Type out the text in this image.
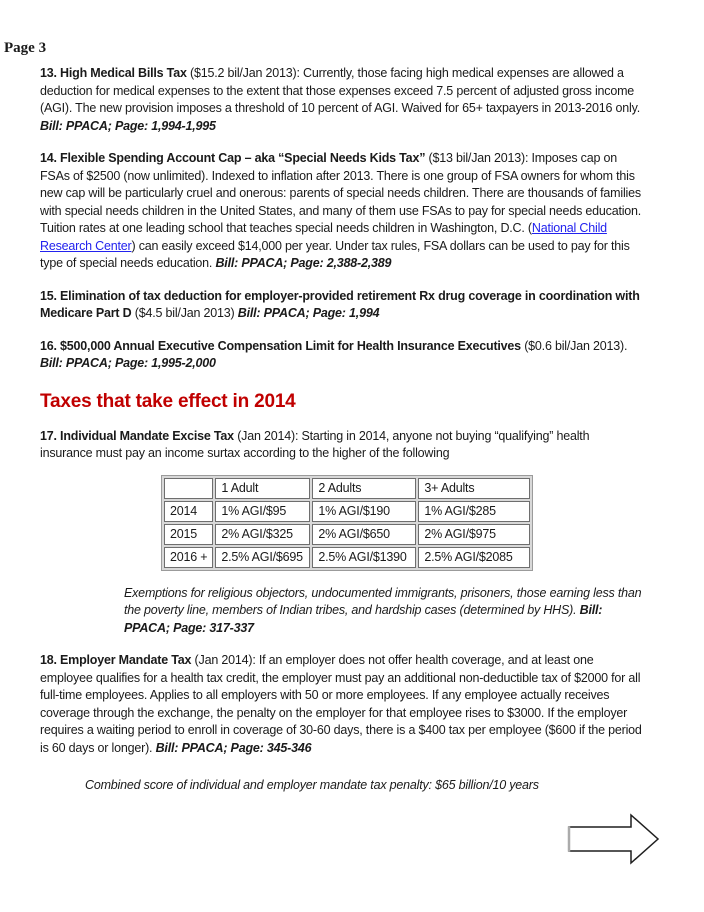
Page 3

13. High Medical Bills Tax ($15.2 bil/Jan 2013): Currently, those facing high medical expenses are allowed a deduction for medical expenses to the extent that those expenses exceed 7.5 percent of adjusted gross income (AGI). The new provision imposes a threshold of 10 percent of AGI. Waived for 65+ taxpayers in 2013-2016 only. Bill: PPACA; Page: 1,994-1,995

14. Flexible Spending Account Cap – aka “Special Needs Kids Tax” ($13 bil/Jan 2013): Imposes cap on FSAs of $2500 (now unlimited). Indexed to inflation after 2013. There is one group of FSA owners for whom this new cap will be particularly cruel and onerous: parents of special needs children. There are thousands of families with special needs children in the United States, and many of them use FSAs to pay for special needs education. Tuition rates at one leading school that teaches special needs children in Washington, D.C. (National Child Research Center) can easily exceed $14,000 per year. Under tax rules, FSA dollars can be used to pay for this type of special needs education. Bill: PPACA; Page: 2,388-2,389

15. Elimination of tax deduction for employer-provided retirement Rx drug coverage in coordination with Medicare Part D ($4.5 bil/Jan 2013) Bill: PPACA; Page: 1,994

16. $500,000 Annual Executive Compensation Limit for Health Insurance Executives ($0.6 bil/Jan 2013). Bill: PPACA; Page: 1,995-2,000

Taxes that take effect in 2014

17. Individual Mandate Excise Tax (Jan 2014): Starting in 2014, anyone not buying “qualifying” health insurance must pay an income surtax according to the higher of the following

	1 Adult	2 Adults	3+ Adults
2014	1% AGI/$95	1% AGI/$190	1% AGI/$285
2015	2% AGI/$325	2% AGI/$650	2% AGI/$975
2016 +	2.5% AGI/$695	2.5% AGI/$1390	2.5% AGI/$2085

Exemptions for religious objectors, undocumented immigrants, prisoners, those earning less than the poverty line, members of Indian tribes, and hardship cases (determined by HHS). Bill: PPACA; Page: 317-337

18. Employer Mandate Tax (Jan 2014): If an employer does not offer health coverage, and at least one employee qualifies for a health tax credit, the employer must pay an additional non-deductible tax of $2000 for all full-time employees. Applies to all employers with 50 or more employees. If any employee actually receives coverage through the exchange, the penalty on the employer for that employee rises to $3000. If the employer requires a waiting period to enroll in coverage of 30-60 days, there is a $400 tax per employee ($600 if the period is 60 days or longer). Bill: PPACA; Page: 345-346

Combined score of individual and employer mandate tax penalty: $65 billion/10 years
